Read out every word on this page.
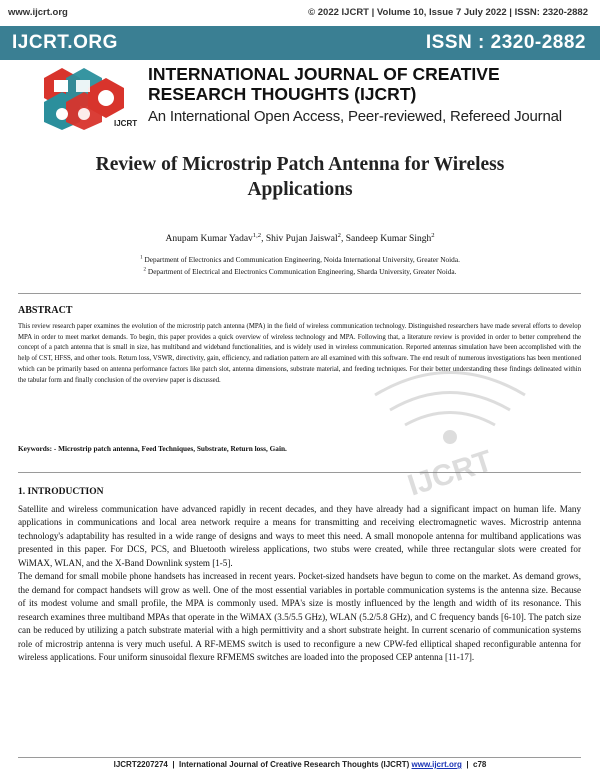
www.ijcrt.org	© 2022 IJCRT | Volume 10, Issue 7 July 2022 | ISSN: 2320-2882
IJCRT.ORG	ISSN : 2320-2882
IJCRT
INTERNATIONAL JOURNAL OF CREATIVE
RESEARCH THOUGHTS (IJCRT)
An International Open Access, Peer-reviewed, Refereed Journal
Review of Microstrip Patch Antenna for Wireless
Applications
Anupam Kumar Yadav$^{1,2}$, Shiv Pujan Jaiswal$^2$, Sandeep Kumar Singh$^2$
$^1$ Department of Electronics and Communication Engineering, Noida International University, Greater Noida.
$^2$ Department of Electrical and Electronics Communication Engineering, Sharda University, Greater Noida.
ABSTRACT
This review research paper examines the evolution of the microstrip patch antenna (MPA) in the field of wireless communication technology. Distinguished researchers have made several efforts to develop MPA in order to meet market demands. To begin, this paper provides a quick overview of wireless technology and MPA. Following that, a literature review is provided in order to better comprehend the concept of a patch antenna that is small in size, has multiband and wideband functionalities, and is widely used in wireless communication. Reported antennas simulation have been accomplished with the help of CST, HFSS, and other tools. Return loss, VSWR, directivity, gain, efficiency, and radiation pattern are all examined with this software. The end result of numerous investigations has been mentioned which can be primarily based on antenna performance factors like patch slot, antenna dimensions, substrate material, and feeding techniques. For their better understanding these findings delineated within the tabular form and finally conclusion of the overview paper is discussed.
Keywords: - Microstrip patch antenna, Feed Techniques, Substrate, Return loss, Gain.	IJCRT
1. INTRODUCTION

Satellite and wireless communication have advanced rapidly in recent decades, and they have already had a significant impact on human life. Many applications in communications and local area network require a means for transmitting and receiving electromagnetic waves. Microstrip antenna technology's adaptability has resulted in a wide range of designs and ways to meet this need. A small monopole antenna for multiband applications was presented in this paper. For DCS, PCS, and Bluetooth wireless applications, two stubs were created, while three rectangular slots were created for WiMAX, WLAN, and the X-Band Downlink system [1-5].

The demand for small mobile phone handsets has increased in recent years. Pocket-sized handsets have begun to come on the market. As demand grows, the demand for compact handsets will grow as well. One of the most essential variables in portable communication systems is the antenna size. Because of its modest volume and small profile, the MPA is commonly used. MPA's size is mostly influenced by the length and width of its resonance. This research examines three multiband MPAs that operate in the WiMAX (3.5/5.5 GHz), WLAN (5.2/5.8 GHz), and C frequency bands [6-10]. The patch size can be reduced by utilizing a patch substrate material with a high permittivity and a short substrate height. In current scenario of communication systems role of microstrip antenna is very much useful. A RF-MEMS switch is used to reconfigure a new CPW-fed elliptical shaped reconfigurable antenna for wireless applications. Four uniform sinusoidal flexure RFMEMS switches are loaded into the proposed CEP antenna [11-17].

IJCRT2207274  |  International Journal of Creative Research Thoughts (IJCRT) www.ijcrt.org  |  c78
